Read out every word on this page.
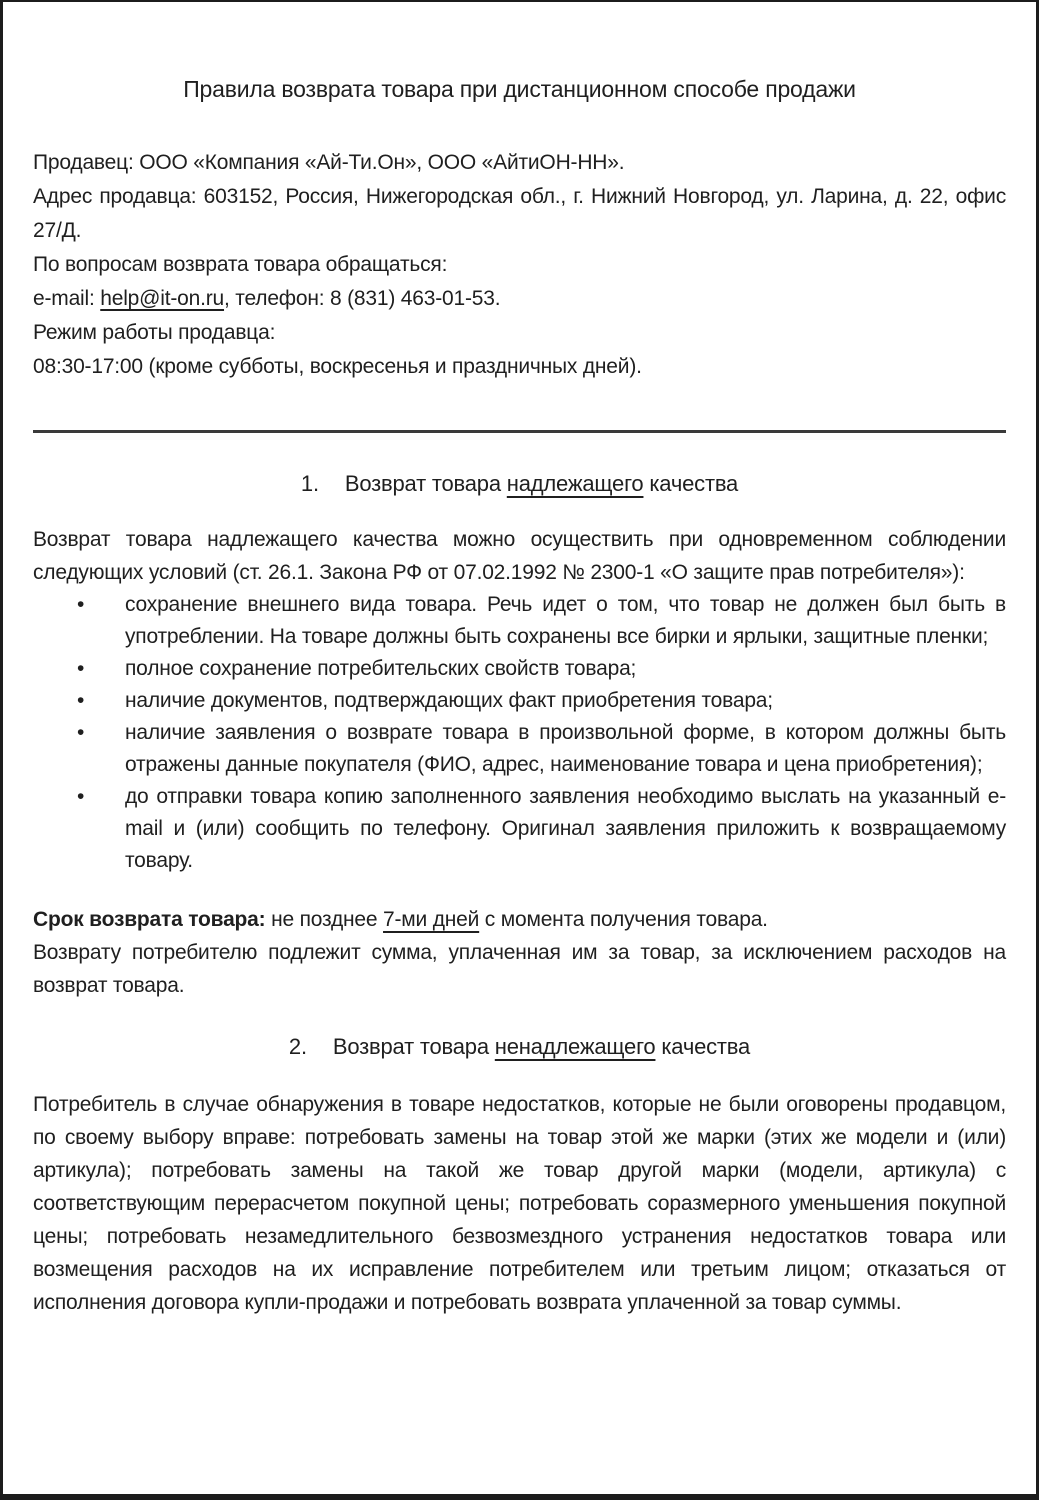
Правила возврата товара при дистанционном способе продажи
Продавец: ООО «Компания «Ай-Ти.Он», ООО «АйтиОН-НН».
Адрес продавца: 603152, Россия, Нижегородская обл., г. Нижний Новгород, ул. Ларина, д. 22, офис 27/Д.
По вопросам возврата товара обращаться:
e-mail: help@it-on.ru, телефон: 8 (831) 463-01-53.
Режим работы продавца:
08:30-17:00 (кроме субботы, воскресенья и праздничных дней).
1. Возврат товара надлежащего качества
Возврат товара надлежащего качества можно осуществить при одновременном соблюдении следующих условий (ст. 26.1. Закона РФ от 07.02.1992 № 2300-1 «О защите прав потребителя»):
•	сохранение внешнего вида товара. Речь идет о том, что товар не должен был быть в употреблении. На товаре должны быть сохранены все бирки и ярлыки, защитные пленки;
•	полное сохранение потребительских свойств товара;
•	наличие документов, подтверждающих факт приобретения товара;
•	наличие заявления о возврате товара в произвольной форме, в котором должны быть отражены данные покупателя (ФИО, адрес, наименование товара и цена приобретения);
•	до отправки товара копию заполненного заявления необходимо выслать на указанный e-mail и (или) сообщить по телефону. Оригинал заявления приложить к возвращаемому товару.
Срок возврата товара: не позднее 7-ми дней с момента получения товара.
Возврату потребителю подлежит сумма, уплаченная им за товар, за исключением расходов на возврат товара.
2. Возврат товара ненадлежащего качества
Потребитель в случае обнаружения в товаре недостатков, которые не были оговорены продавцом, по своему выбору вправе: потребовать замены на товар этой же марки (этих же модели и (или) артикула); потребовать замены на такой же товар другой марки (модели, артикула) с соответствующим перерасчетом покупной цены; потребовать соразмерного уменьшения покупной цены; потребовать незамедлительного безвозмездного устранения недостатков товара или возмещения расходов на их исправление потребителем или третьим лицом; отказаться от исполнения договора купли-продажи и потребовать возврата уплаченной за товар суммы.
